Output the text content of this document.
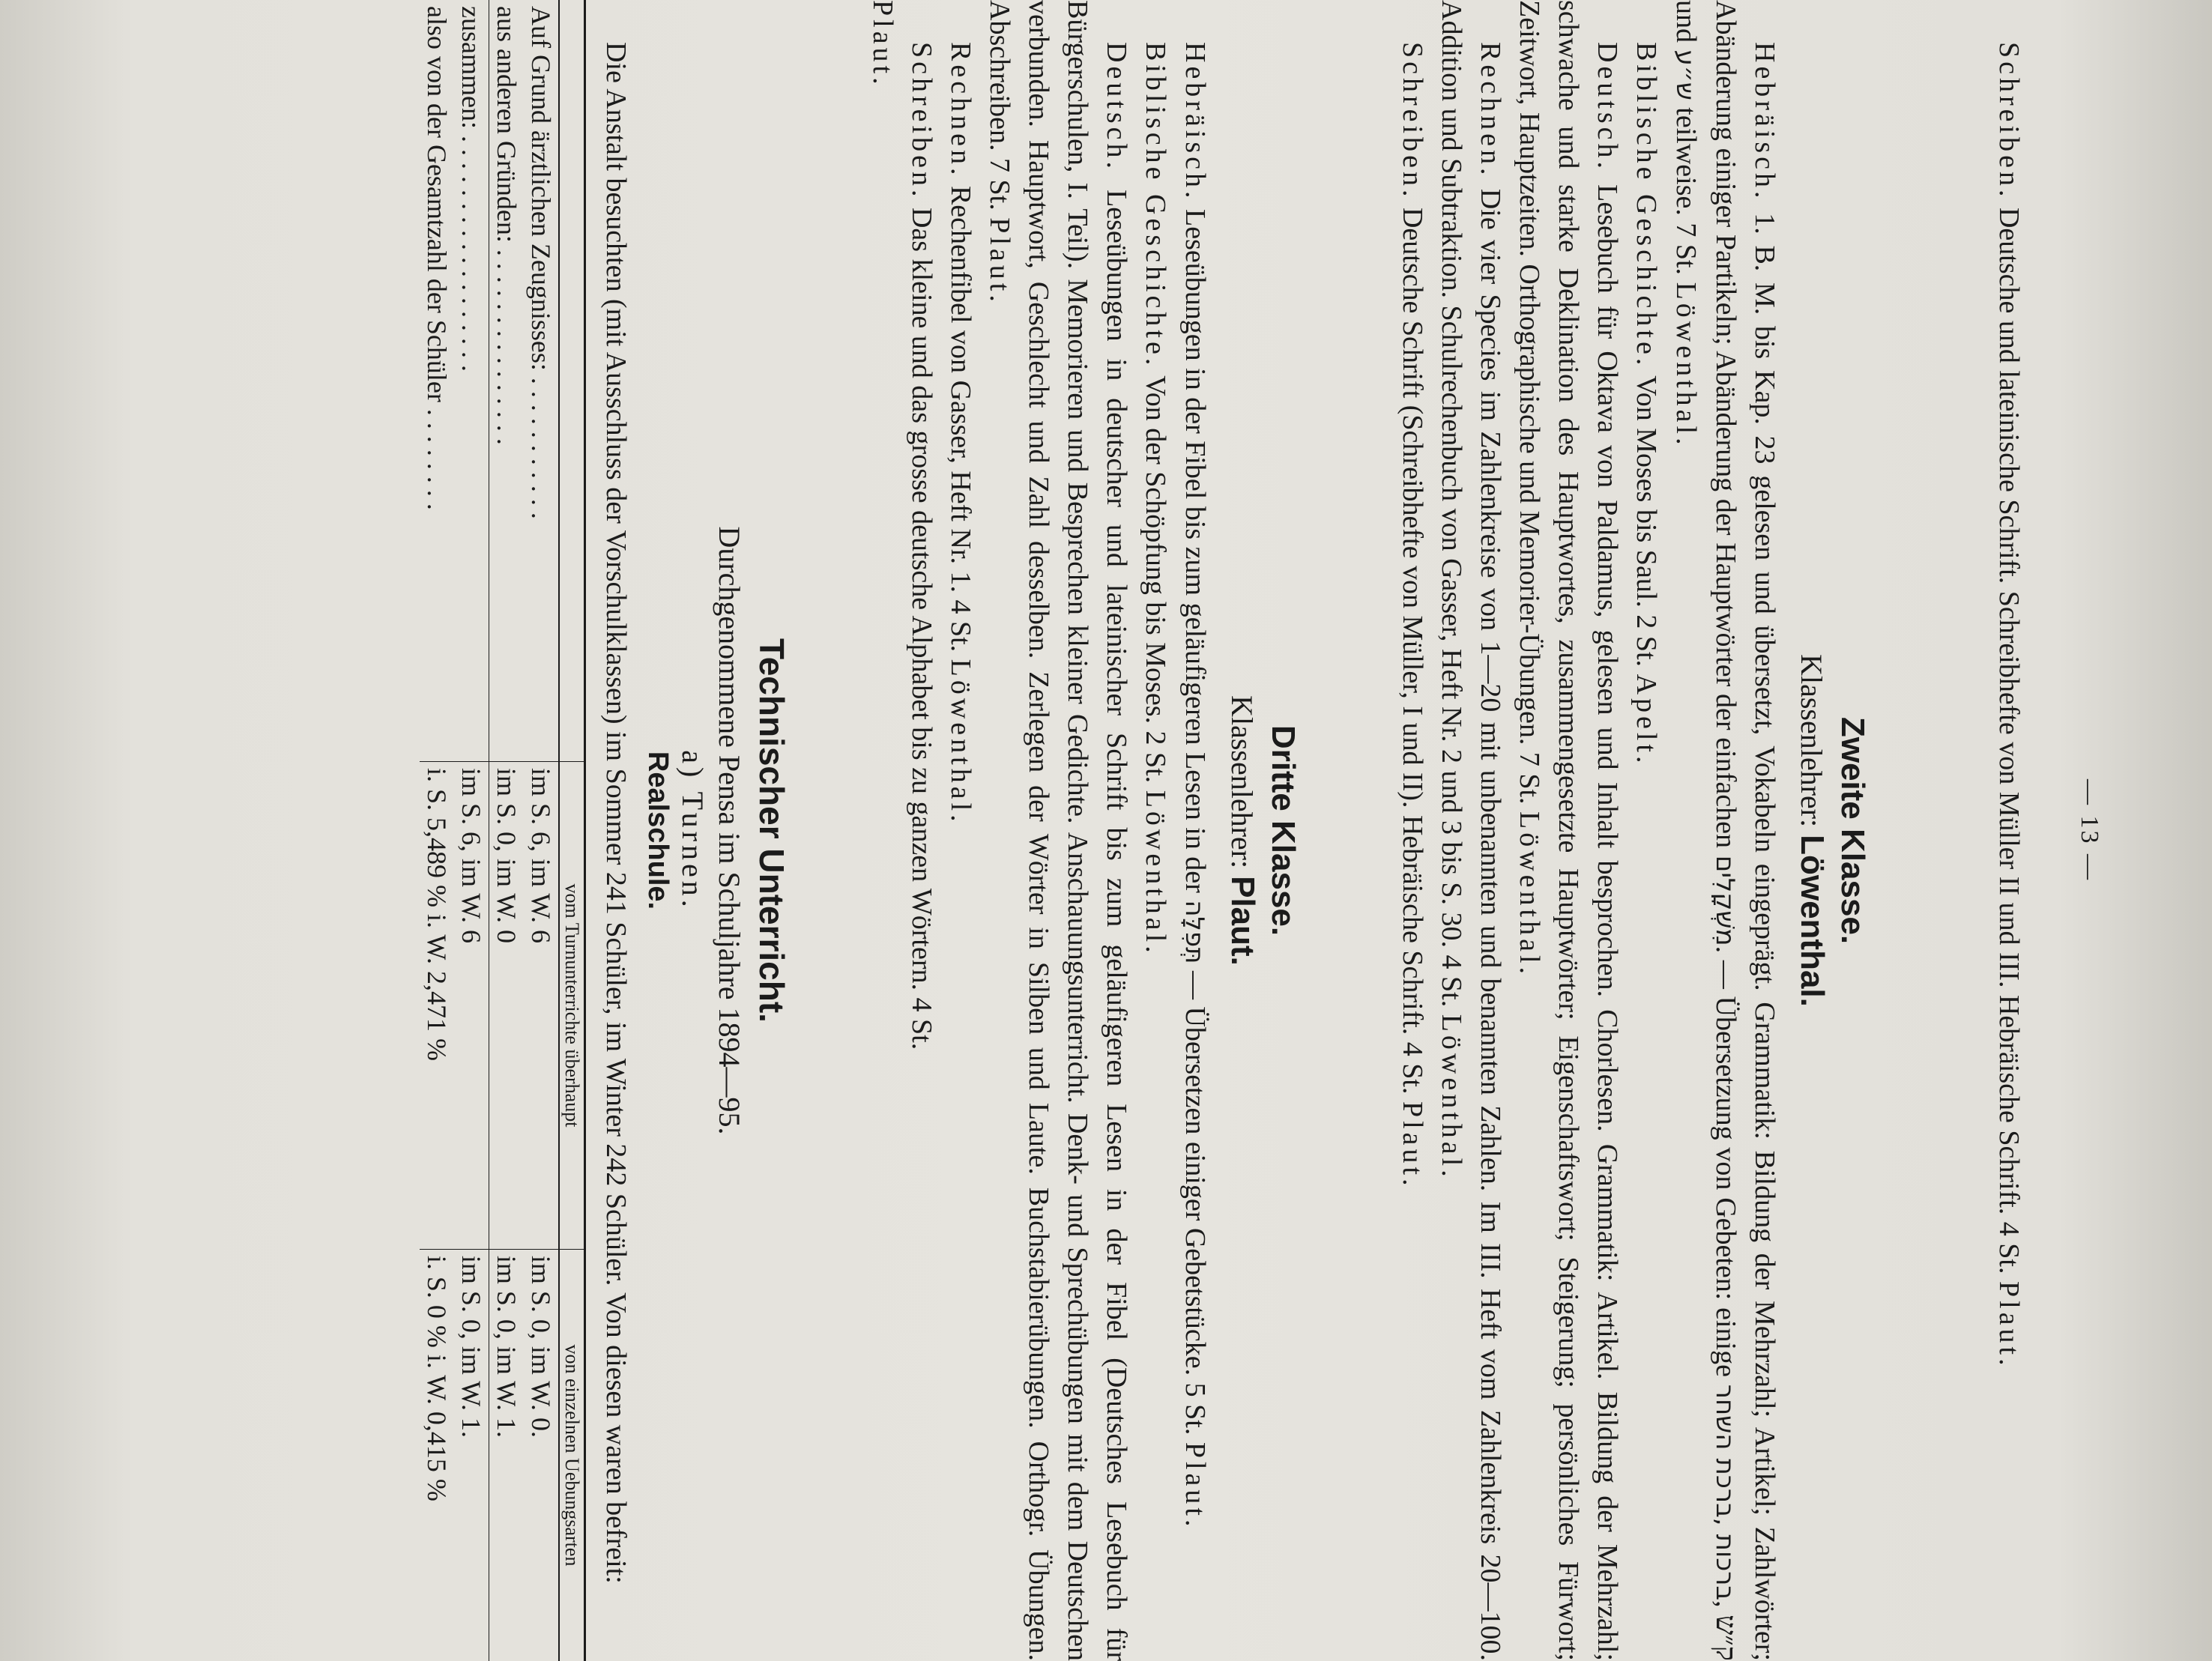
— 13 —

Schreiben. Deutsche und lateinische Schrift. Schreibhefte von Müller II und III. Hebräische Schrift. 4 St. Plaut.

Zweite Klasse.
Klassenlehrer: Löwenthal.

Hebräisch. 1. B. M. bis Kap. 23 gelesen und übersetzt, Vokabeln eingeprägt. Grammatik: Bildung der Mehrzahl; Artikel; Zahlwörter; Abänderung einiger Partikeln; Abänderung der Hauptwörter der einfachen מִשְׁקָלִים. — Übersetzung von Gebeten: einige ברכות ,ברכת השחר, ק״ש und ש״ע teilweise. 7 St. Löwenthal.

Biblische Geschichte. Von Moses bis Saul. 2 St. Apelt.

Deutsch. Lesebuch für Oktava von Paldamus, gelesen und Inhalt besprochen. Chorlesen. Grammatik: Artikel. Bildung der Mehrzahl; schwache und starke Deklination des Hauptwortes, zusammengesetzte Hauptwörter; Eigenschaftswort; Steigerung; persönliches Fürwort; Zeitwort, Hauptzeiten. Orthographische und Memorier-Übungen. 7 St. Löwenthal.

Rechnen. Die vier Species im Zahlenkreise von 1—20 mit unbenannten und benannten Zahlen. Im III. Heft vom Zahlenkreis 20—100. Addition und Subtraktion. Schulrechenbuch von Gasser, Heft Nr. 2 und 3 bis S. 30. 4 St. Löwenthal.

Schreiben. Deutsche Schrift (Schreibhefte von Müller, I und II). Hebräische Schrift. 4 St. Plaut.

Dritte Klasse.
Klassenlehrer: Plaut.

Hebräisch. Leseübungen in der Fibel bis zum geläufigeren Lesen in der תְּפִלָּה — Übersetzen einiger Gebetstücke. 5 St. Plaut.

Biblische Geschichte. Von der Schöpfung bis Moses. 2 St. Löwenthal.

Deutsch. Leseübungen in deutscher und lateinischer Schrift bis zum geläufigeren Lesen in der Fibel (Deutsches Lesebuch für Bürgerschulen, I. Teil). Memorieren und Besprechen kleiner Gedichte. Anschauungsunterricht. Denk- und Sprechübungen mit dem Deutschen verbunden. Hauptwort, Geschlecht und Zahl desselben. Zerlegen der Wörter in Silben und Laute. Buchstabierübungen. Orthogr. Übungen. Abschreiben. 7 St. Plaut.

Rechnen. Rechenfibel von Gasser, Heft Nr. 1. 4 St. Löwenthal.

Schreiben. Das kleine und das grosse deutsche Alphabet bis zu ganzen Wörtern. 4 St.

Plaut.

Technischer Unterricht.
Durchgenommene Pensa im Schuljahre 1894—95.
a) Turnen.
Realschule.

Die Anstalt besuchten (mit Ausschluss der Vorschulklassen) im Sommer 241 Schüler, im Winter 242 Schüler. Von diesen waren befreit:

	vom Turnunterrichte überhaupt	von einzelnen Uebungsarten
Auf Grund ärztlichen Zeugnisses: . . . . . . . . . . .	im S. 6, im W. 6	im S. 0, im W. 0.
aus anderen Gründen: . . . . . . . . . . . . . . .	im S. 0, im W. 0	im S. 0, im W. 1.
zusammen: . . . . . . . . . . . . . . . . . .	im S. 6, im W. 6	im S. 0, im W. 1.
also von der Gesamtzahl der Schüler . . . . . . . .	i. S. 5,489 % i. W. 2,471 %	i. S. 0 % i. W. 0,415 %
